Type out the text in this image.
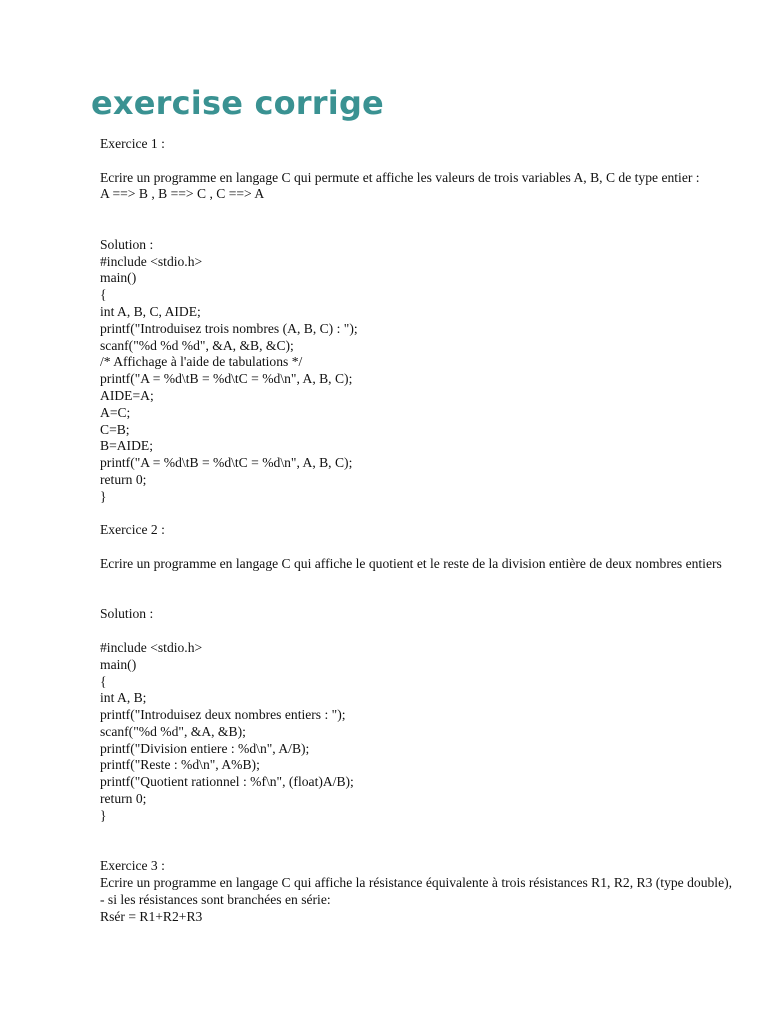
exercise corrige
Exercice 1 :
Ecrire un programme en langage C qui permute et affiche les valeurs de trois variables A, B, C de type entier :
A ==> B , B ==> C , C ==> A
Solution :
#include <stdio.h>
main()
{
int A, B, C, AIDE;
printf("Introduisez trois nombres (A, B, C) : ");
scanf("%d %d %d", &A, &B, &C);
/* Affichage à l'aide de tabulations */
printf("A = %d\tB = %d\tC = %d\n", A, B, C);
AIDE=A;
A=C;
C=B;
B=AIDE;
printf("A = %d\tB = %d\tC = %d\n", A, B, C);
return 0;
}
Exercice 2 :
Ecrire un programme en langage C qui affiche le quotient et le reste de la division entière de deux nombres entiers
Solution :
#include <stdio.h>
main()
{
int A, B;
printf("Introduisez deux nombres entiers : ");
scanf("%d %d", &A, &B);
printf("Division entiere : %d\n", A/B);
printf("Reste : %d\n", A%B);
printf("Quotient rationnel : %f\n", (float)A/B);
return 0;
}
Exercice 3 :
Ecrire un programme en langage C qui affiche la résistance équivalente à trois résistances R1, R2, R3 (type double),
- si les résistances sont branchées en série:
Rsér = R1+R2+R3
